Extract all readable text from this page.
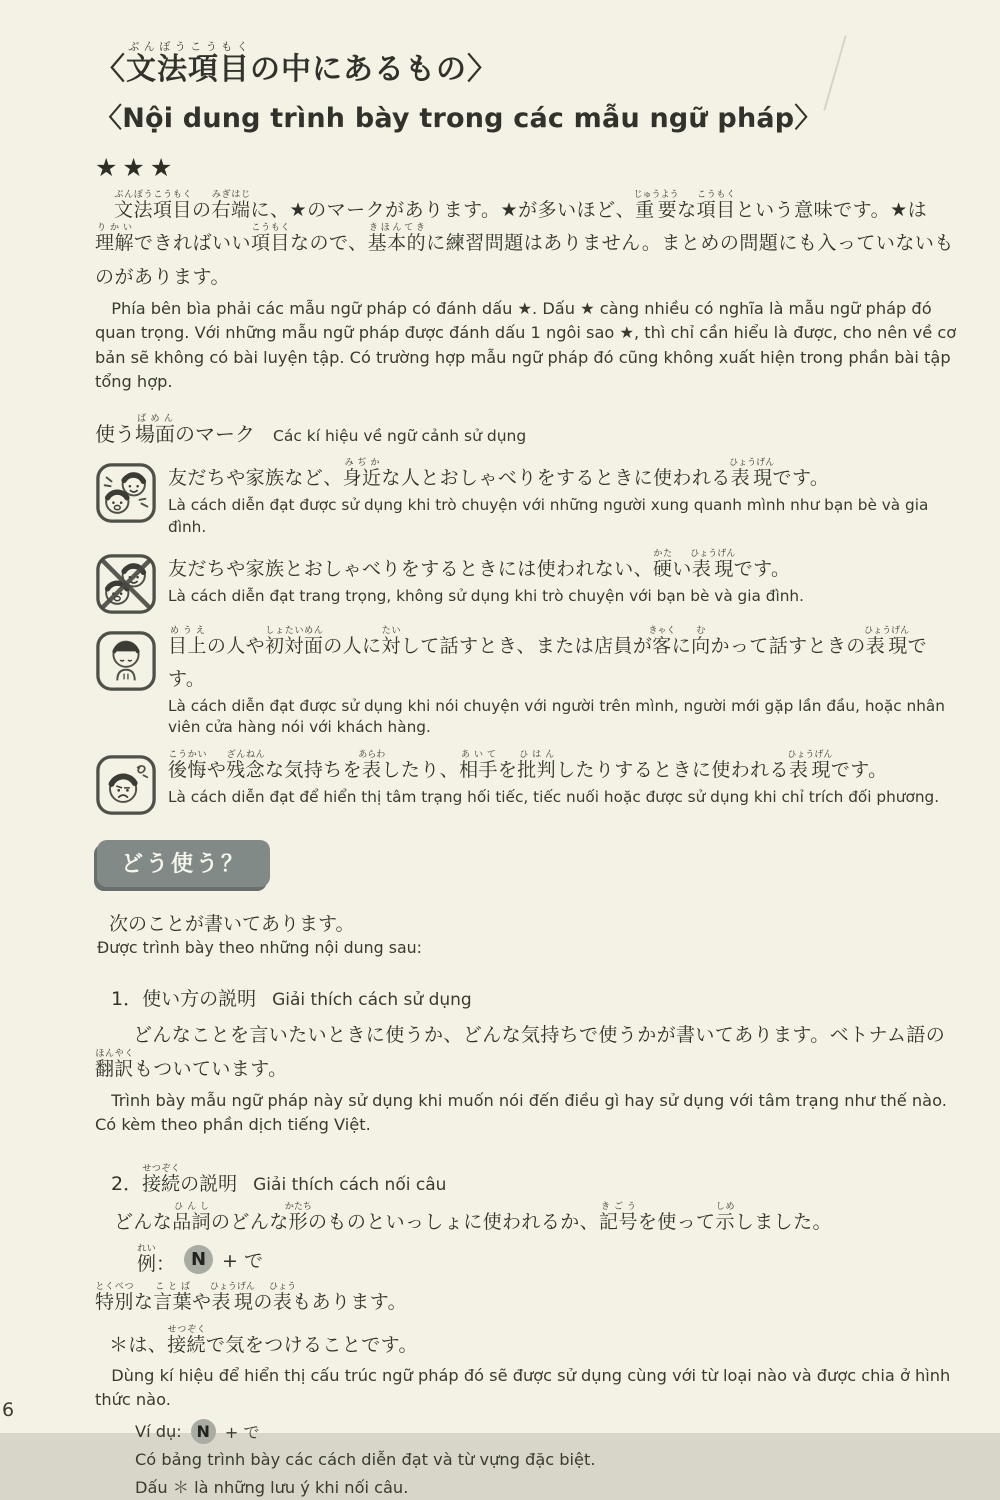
〈文法項目ぶんぽうこうもくの中にあるもの〉
〈Nội dung trình bày trong các mẫu ngữ pháp〉
★★★

文法項目ぶんぽうこうもくの右端みぎはじに、★のマークがあります。★が多いほど、重要じゅうような項目こうもくという意味です。★は理解りかいできればいい項目こうもくなので、基本的きほんてきに練習問題はありません。まとめの問題にも入っていないものがあります。

Phía bên bìa phải các mẫu ngữ pháp có đánh dấu ★. Dấu ★ càng nhiều có nghĩa là mẫu ngữ pháp đó quan trọng. Với những mẫu ngữ pháp được đánh dấu 1 ngôi sao ★, thì chỉ cần hiểu là được, cho nên về cơ bản sẽ không có bài luyện tập. Có trường hợp mẫu ngữ pháp đó cũng không xuất hiện trong phần bài tập tổng hợp.

使う場面ばめんのマーク Các kí hiệu về ngữ cảnh sử dụng
友だちや家族など、身近みぢかな人とおしゃべりをするときに使われる表現ひょうげんです。
Là cách diễn đạt được sử dụng khi trò chuyện với những người xung quanh mình như bạn bè và gia đình.
友だちや家族とおしゃべりをするときには使われない、硬かたい表現ひょうげんです。
Là cách diễn đạt trang trọng, không sử dụng khi trò chuyện với bạn bè và gia đình.
目上めうえの人や初対面しょたいめんの人に対たいして話すとき、または店員が客きゃくに向むかって話すときの表現ひょうげんです。
Là cách diễn đạt được sử dụng khi nói chuyện với người trên mình, người mới gặp lần đầu, hoặc nhân viên cửa hàng nói với khách hàng.
後悔こうかいや残念ざんねんな気持ちを表あらわしたり、相手あいてを批判ひはんしたりするときに使われる表現ひょうげんです。
Là cách diễn đạt để hiển thị tâm trạng hối tiếc, tiếc nuối hoặc được sử dụng khi chỉ trích đối phương.
どう使う？
次のことが書いてあります。
Được trình bày theo những nội dung sau:
1．使い方の説明 Giải thích cách sử dụng

どんなことを言いたいときに使うか、どんな気持ちで使うかが書いてあります。ベトナム語の翻訳ほんやくもついています。

Trình bày mẫu ngữ pháp này sử dụng khi muốn nói đến điều gì hay sử dụng với tâm trạng như thế nào. Có kèm theo phần dịch tiếng Việt.

2．接続せつぞくの説明 Giải thích cách nối câu

どんな品詞ひんしのどんな形かたちのものといっしょに使われるか、記号きごうを使って示しめしました。

例れい： N + で
特別とくべつな言葉ことばや表現ひょうげんの表ひょうもあります。
＊は、接続せつぞくで気をつけることです。

Dùng kí hiệu để hiển thị cấu trúc ngữ pháp đó sẽ được sử dụng cùng với từ loại nào và được chia ở hình thức nào.

Ví dụ: N + で
Có bảng trình bày các cách diễn đạt và từ vựng đặc biệt.
Dấu ＊ là những lưu ý khi nối câu.
6
